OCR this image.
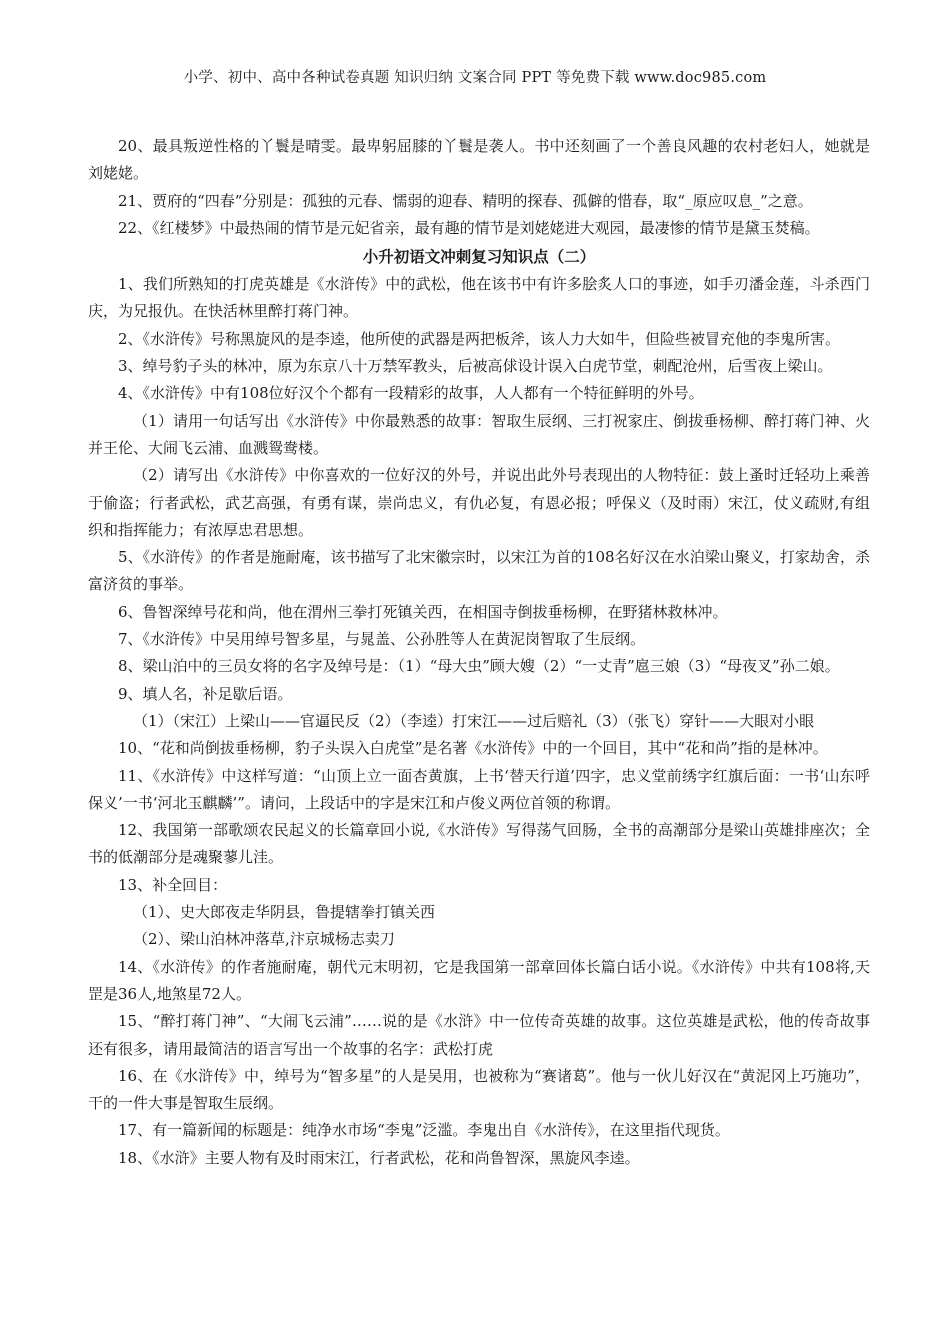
小学、初中、高中各种试卷真题 知识归纳 文案合同 PPT 等免费下载 www.doc985.com

20、最具叛逆性格的丫鬟是晴雯。最卑躬屈膝的丫鬟是袭人。书中还刻画了一个善良风趣的农村老妇人，她就是刘姥姥。

21、贾府的“四春”分别是：孤独的元春、懦弱的迎春、精明的探春、孤僻的惜春，取“_原应叹息_”之意。

22、《红楼梦》中最热闹的情节是元妃省亲，最有趣的情节是刘姥姥进大观园，最凄惨的情节是黛玉焚稿。

小升初语文冲刺复习知识点（二）

1、我们所熟知的打虎英雄是《水浒传》中的武松，他在该书中有许多脍炙人口的事迹，如手刃潘金莲，斗杀西门庆，为兄报仇。在快活林里醉打蒋门神。

2、《水浒传》号称黑旋风的是李逵，他所使的武器是两把板斧，该人力大如牛，但险些被冒充他的李鬼所害。

3、绰号豹子头的林冲，原为东京八十万禁军教头，后被高俅设计误入白虎节堂，刺配沧州，后雪夜上梁山。

4、《水浒传》中有108位好汉个个都有一段精彩的故事，人人都有一个特征鲜明的外号。

（1）请用一句话写出《水浒传》中你最熟悉的故事：智取生辰纲、三打祝家庄、倒拔垂杨柳、醉打蒋门神、火并王伦、大闹飞云浦、血溅鸳鸯楼。

（2）请写出《水浒传》中你喜欢的一位好汉的外号，并说出此外号表现出的人物特征：鼓上蚤时迁轻功上乘善于偷盗；行者武松，武艺高强，有勇有谋，崇尚忠义，有仇必复，有恩必报；呼保义（及时雨）宋江，仗义疏财,有组织和指挥能力；有浓厚忠君思想。

5、《水浒传》的作者是施耐庵，该书描写了北宋徽宗时，以宋江为首的108名好汉在水泊梁山聚义，打家劫舍，杀富济贫的事举。

6、鲁智深绰号花和尚，他在渭州三拳打死镇关西，在相国寺倒拔垂杨柳，在野猪林救林冲。

7、《水浒传》中吴用绰号智多星，与晁盖、公孙胜等人在黄泥岗智取了生辰纲。

8、梁山泊中的三员女将的名字及绰号是：（1）“母大虫”顾大嫂（2）“一丈青”扈三娘（3）“母夜叉”孙二娘。

9、填人名，补足歇后语。

（1）（宋江）上梁山——官逼民反（2）（李逵）打宋江——过后赔礼（3）（张飞）穿针——大眼对小眼

10、“花和尚倒拔垂杨柳，豹子头误入白虎堂”是名著《水浒传》中的一个回目，其中“花和尚”指的是林冲。

11、《水浒传》中这样写道：“山顶上立一面杏黄旗，上书‘替天行道’四字，忠义堂前绣字红旗后面：一书‘山东呼保义’一书‘河北玉麒麟’”。请问，上段话中的字是宋江和卢俊义两位首领的称谓。

12、我国第一部歌颂农民起义的长篇章回小说,《水浒传》写得荡气回肠，全书的高潮部分是梁山英雄排座次；全书的低潮部分是魂聚蓼儿洼。

13、补全回目：

（1）、史大郎夜走华阴县，鲁提辖拳打镇关西

（2）、梁山泊林冲落草,汴京城杨志卖刀

14、《水浒传》的作者施耐庵，朝代元末明初，它是我国第一部章回体长篇白话小说。《水浒传》中共有108将,天罡是36人,地煞星72人。

15、“醉打蒋门神”、“大闹飞云浦”……说的是《水浒》中一位传奇英雄的故事。这位英雄是武松，他的传奇故事还有很多，请用最简洁的语言写出一个故事的名字：武松打虎

16、在《水浒传》中，绰号为“智多星”的人是吴用，也被称为“赛诸葛”。他与一伙儿好汉在“黄泥冈上巧施功”，干的一件大事是智取生辰纲。

17、有一篇新闻的标题是：纯净水市场“李鬼”泛滥。李鬼出自《水浒传》，在这里指代现货。

18、《水浒》主要人物有及时雨宋江，行者武松，花和尚鲁智深，黑旋风李逵。
